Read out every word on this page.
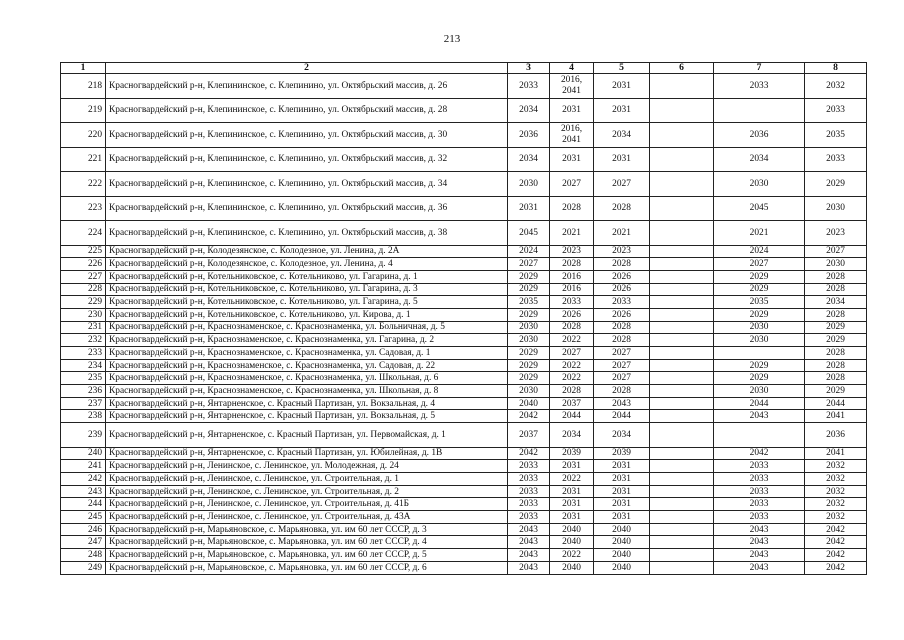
213
1	2	3	4	5	6	7	8
218	Красногвардейский р-н, Клепининское, с. Клепинино, ул. Октябрьский массив, д. 26	2033	2016, 2041	2031		2033	2032
219	Красногвардейский р-н, Клепининское, с. Клепинино, ул. Октябрьский массив, д. 28	2034	2031	2031			2033
220	Красногвардейский р-н, Клепининское, с. Клепинино, ул. Октябрьский массив, д. 30	2036	2016, 2041	2034		2036	2035
221	Красногвардейский р-н, Клепининское, с. Клепинино, ул. Октябрьский массив, д. 32	2034	2031	2031		2034	2033
222	Красногвардейский р-н, Клепининское, с. Клепинино, ул. Октябрьский массив, д. 34	2030	2027	2027		2030	2029
223	Красногвардейский р-н, Клепининское, с. Клепинино, ул. Октябрьский массив, д. 36	2031	2028	2028		2045	2030
224	Красногвардейский р-н, Клепининское, с. Клепинино, ул. Октябрьский массив, д. 38	2045	2021	2021		2021	2023
225	Красногвардейский р-н, Колодезянское, с. Колодезное, ул. Ленина, д. 2А	2024	2023	2023		2024	2027
226	Красногвардейский р-н, Колодезянское, с. Колодезное, ул. Ленина, д. 4	2027	2028	2028		2027	2030
227	Красногвардейский р-н, Котельниковское, с. Котельниково, ул. Гагарина, д. 1	2029	2016	2026		2029	2028
228	Красногвардейский р-н, Котельниковское, с. Котельниково, ул. Гагарина, д. 3	2029	2016	2026		2029	2028
229	Красногвардейский р-н, Котельниковское, с. Котельниково, ул. Гагарина, д. 5	2035	2033	2033		2035	2034
230	Красногвардейский р-н, Котельниковское, с. Котельниково, ул. Кирова, д. 1	2029	2026	2026		2029	2028
231	Красногвардейский р-н, Краснознаменское, с. Краснознаменка, ул. Больничная, д. 5	2030	2028	2028		2030	2029
232	Красногвардейский р-н, Краснознаменское, с. Краснознаменка, ул. Гагарина, д. 2	2030	2022	2028		2030	2029
233	Красногвардейский р-н, Краснознаменское, с. Краснознаменка, ул. Садовая, д. 1	2029	2027	2027			2028
234	Красногвардейский р-н, Краснознаменское, с. Краснознаменка, ул. Садовая, д. 22	2029	2022	2027		2029	2028
235	Красногвардейский р-н, Краснознаменское, с. Краснознаменка, ул. Школьная, д. 6	2029	2022	2027		2029	2028
236	Красногвардейский р-н, Краснознаменское, с. Краснознаменка, ул. Школьная, д. 8	2030	2028	2028		2030	2029
237	Красногвардейский р-н, Янтарненское, с. Красный Партизан, ул. Вокзальная, д. 4	2040	2037	2043		2044	2044
238	Красногвардейский р-н, Янтарненское, с. Красный Партизан, ул. Вокзальная, д. 5	2042	2044	2044		2043	2041
239	Красногвардейский р-н, Янтарненское, с. Красный Партизан, ул. Первомайская, д. 1	2037	2034	2034			2036
240	Красногвардейский р-н, Янтарненское, с. Красный Партизан, ул. Юбилейная, д. 1В	2042	2039	2039		2042	2041
241	Красногвардейский р-н, Ленинское, с. Ленинское, ул. Молодежная, д. 24	2033	2031	2031		2033	2032
242	Красногвардейский р-н, Ленинское, с. Ленинское, ул. Строительная, д. 1	2033	2022	2031		2033	2032
243	Красногвардейский р-н, Ленинское, с. Ленинское, ул. Строительная, д. 2	2033	2031	2031		2033	2032
244	Красногвардейский р-н, Ленинское, с. Ленинское, ул. Строительная, д. 41Б	2033	2031	2031		2033	2032
245	Красногвардейский р-н, Ленинское, с. Ленинское, ул. Строительная, д. 43А	2033	2031	2031		2033	2032
246	Красногвардейский р-н, Марьяновское, с. Марьяновка, ул. им 60 лет СССР, д. 3	2043	2040	2040		2043	2042
247	Красногвардейский р-н, Марьяновское, с. Марьяновка, ул. им 60 лет СССР, д. 4	2043	2040	2040		2043	2042
248	Красногвардейский р-н, Марьяновское, с. Марьяновка, ул. им 60 лет СССР, д. 5	2043	2022	2040		2043	2042
249	Красногвардейский р-н, Марьяновское, с. Марьяновка, ул. им 60 лет СССР, д. 6	2043	2040	2040		2043	2042
